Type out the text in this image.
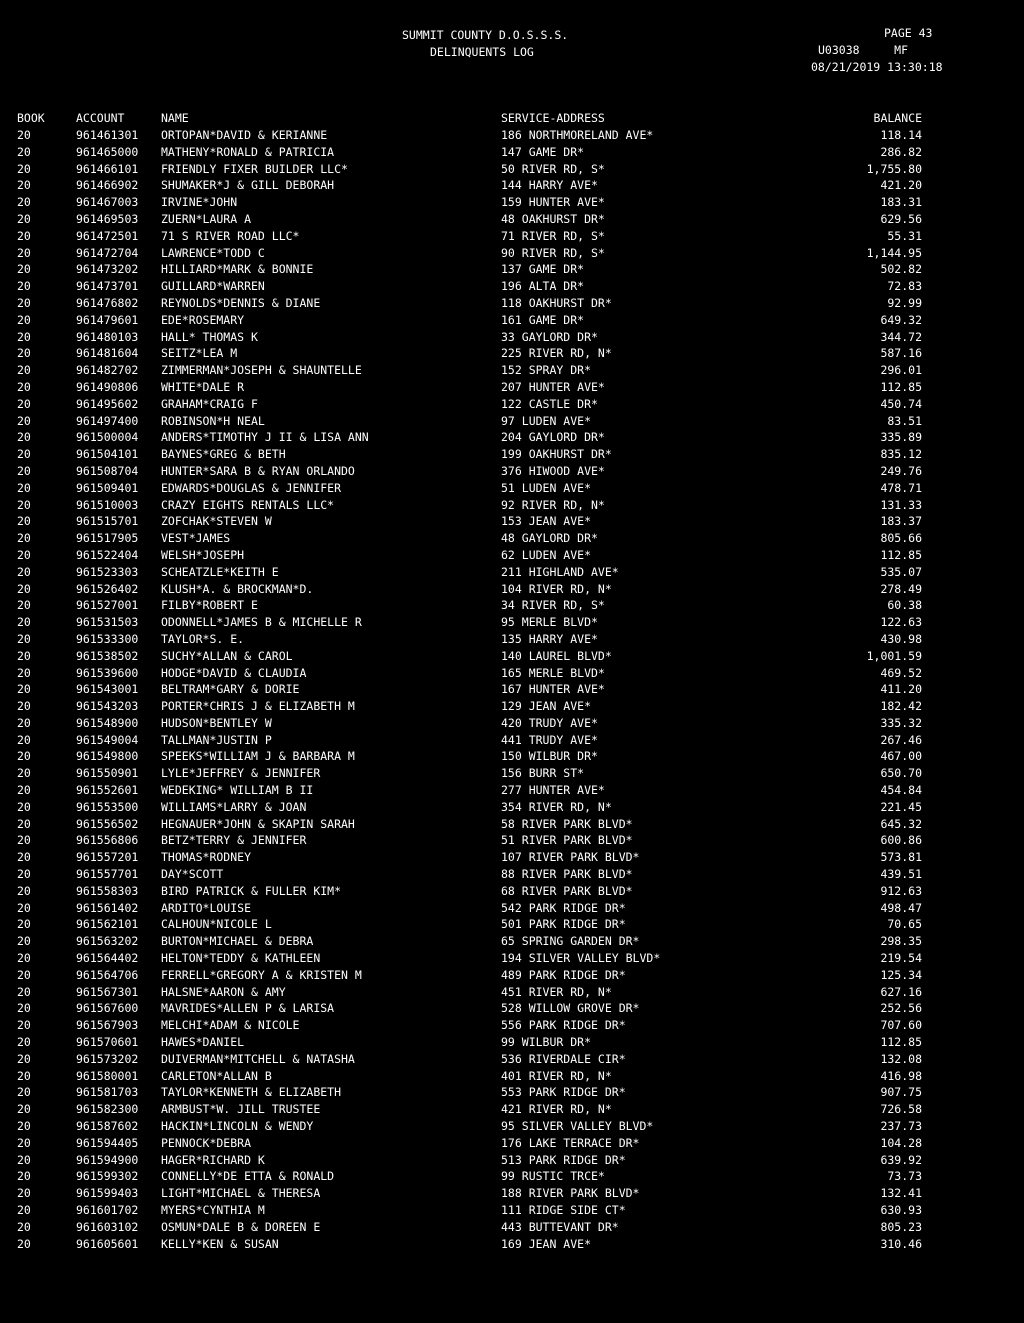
SUMMIT COUNTY D.O.S.S.S.
DELINQUENTS LOG
PAGE 43
U03038     MF
08/21/2019 13:30:18
BOOK	ACCOUNT	NAME	SERVICE-ADDRESS	BALANCE
20	961461301 ORTOPAN*DAVID & KERIANNE	186 NORTHMORELAND AVE*	118.14
20	961465000 MATHENY*RONALD & PATRICIA	147 GAME DR*	286.82
20	961466101 FRIENDLY FIXER BUILDER LLC*	50 RIVER RD, S*	1,755.80
20	961466902 SHUMAKER*J & GILL DEBORAH	144 HARRY AVE*	421.20
20	961467003 IRVINE*JOHN	159 HUNTER AVE*	183.31
20	961469503 ZUERN*LAURA A	48 OAKHURST DR*	629.56
20	961472501 71 S RIVER ROAD LLC*	71 RIVER RD, S*	55.31
20	961472704 LAWRENCE*TODD C	90 RIVER RD, S*	1,144.95
20	961473202 HILLIARD*MARK & BONNIE	137 GAME DR*	502.82
20	961473701 GUILLARD*WARREN	196 ALTA DR*	72.83
20	961476802 REYNOLDS*DENNIS & DIANE	118 OAKHURST DR*	92.99
20	961479601 EDE*ROSEMARY	161 GAME DR*	649.32
20	961480103 HALL* THOMAS K	33 GAYLORD DR*	344.72
20	961481604 SEITZ*LEA M	225 RIVER RD, N*	587.16
20	961482702 ZIMMERMAN*JOSEPH & SHAUNTELLE	152 SPRAY DR*	296.01
20	961490806 WHITE*DALE R	207 HUNTER AVE*	112.85
20	961495602 GRAHAM*CRAIG F	122 CASTLE DR*	450.74
20	961497400 ROBINSON*H NEAL	97 LUDEN AVE*	83.51
20	961500004 ANDERS*TIMOTHY J II & LISA ANN	204 GAYLORD DR*	335.89
20	961504101 BAYNES*GREG & BETH	199 OAKHURST DR*	835.12
20	961508704 HUNTER*SARA B & RYAN ORLANDO	376 HIWOOD AVE*	249.76
20	961509401 EDWARDS*DOUGLAS & JENNIFER	51 LUDEN AVE*	478.71
20	961510003 CRAZY EIGHTS RENTALS LLC*	92 RIVER RD, N*	131.33
20	961515701 ZOFCHAK*STEVEN W	153 JEAN AVE*	183.37
20	961517905 VEST*JAMES	48 GAYLORD DR*	805.66
20	961522404 WELSH*JOSEPH	62 LUDEN AVE*	112.85
20	961523303 SCHEATZLE*KEITH E	211 HIGHLAND AVE*	535.07
20	961526402 KLUSH*A. & BROCKMAN*D.	104 RIVER RD, N*	278.49
20	961527001 FILBY*ROBERT E	34 RIVER RD, S*	60.38
20	961531503 ODONNELL*JAMES B & MICHELLE R	95 MERLE BLVD*	122.63
20	961533300 TAYLOR*S. E.	135 HARRY AVE*	430.98
20	961538502 SUCHY*ALLAN & CAROL	140 LAUREL BLVD*	1,001.59
20	961539600 HODGE*DAVID & CLAUDIA	165 MERLE BLVD*	469.52
20	961543001 BELTRAM*GARY & DORIE	167 HUNTER AVE*	411.20
20	961543203 PORTER*CHRIS J & ELIZABETH M	129 JEAN AVE*	182.42
20	961548900 HUDSON*BENTLEY W	420 TRUDY AVE*	335.32
20	961549004 TALLMAN*JUSTIN P	441 TRUDY AVE*	267.46
20	961549800 SPEEKS*WILLIAM J & BARBARA M	150 WILBUR DR*	467.00
20	961550901 LYLE*JEFFREY & JENNIFER	156 BURR ST*	650.70
20	961552601 WEDEKING* WILLIAM B II	277 HUNTER AVE*	454.84
20	961553500 WILLIAMS*LARRY & JOAN	354 RIVER RD, N*	221.45
20	961556502 HEGNAUER*JOHN & SKAPIN SARAH	58 RIVER PARK BLVD*	645.32
20	961556806 BETZ*TERRY & JENNIFER	51 RIVER PARK BLVD*	600.86
20	961557201 THOMAS*RODNEY	107 RIVER PARK BLVD*	573.81
20	961557701 DAY*SCOTT	88 RIVER PARK BLVD*	439.51
20	961558303 BIRD PATRICK & FULLER KIM*	68 RIVER PARK BLVD*	912.63
20	961561402 ARDITO*LOUISE	542 PARK RIDGE DR*	498.47
20	961562101 CALHOUN*NICOLE L	501 PARK RIDGE DR*	70.65
20	961563202 BURTON*MICHAEL & DEBRA	65 SPRING GARDEN DR*	298.35
20	961564402 HELTON*TEDDY & KATHLEEN	194 SILVER VALLEY BLVD*	219.54
20	961564706 FERRELL*GREGORY A & KRISTEN M	489 PARK RIDGE DR*	125.34
20	961567301 HALSNE*AARON & AMY	451 RIVER RD, N*	627.16
20	961567600 MAVRIDES*ALLEN P & LARISA	528 WILLOW GROVE DR*	252.56
20	961567903 MELCHI*ADAM & NICOLE	556 PARK RIDGE DR*	707.60
20	961570601 HAWES*DANIEL	99 WILBUR DR*	112.85
20	961573202 DUIVERMAN*MITCHELL & NATASHA	536 RIVERDALE CIR*	132.08
20	961580001 CARLETON*ALLAN B	401 RIVER RD, N*	416.98
20	961581703 TAYLOR*KENNETH & ELIZABETH	553 PARK RIDGE DR*	907.75
20	961582300 ARMBUST*W. JILL TRUSTEE	421 RIVER RD, N*	726.58
20	961587602 HACKIN*LINCOLN & WENDY	95 SILVER VALLEY BLVD*	237.73
20	961594405 PENNOCK*DEBRA	176 LAKE TERRACE DR*	104.28
20	961594900 HAGER*RICHARD K	513 PARK RIDGE DR*	639.92
20	961599302 CONNELLY*DE ETTA & RONALD	99 RUSTIC TRCE*	73.73
20	961599403 LIGHT*MICHAEL & THERESA	188 RIVER PARK BLVD*	132.41
20	961601702 MYERS*CYNTHIA M	111 RIDGE SIDE CT*	630.93
20	961603102 OSMUN*DALE B & DOREEN E	443 BUTTEVANT DR*	805.23
20	961605601 KELLY*KEN & SUSAN	169 JEAN AVE*	310.46
